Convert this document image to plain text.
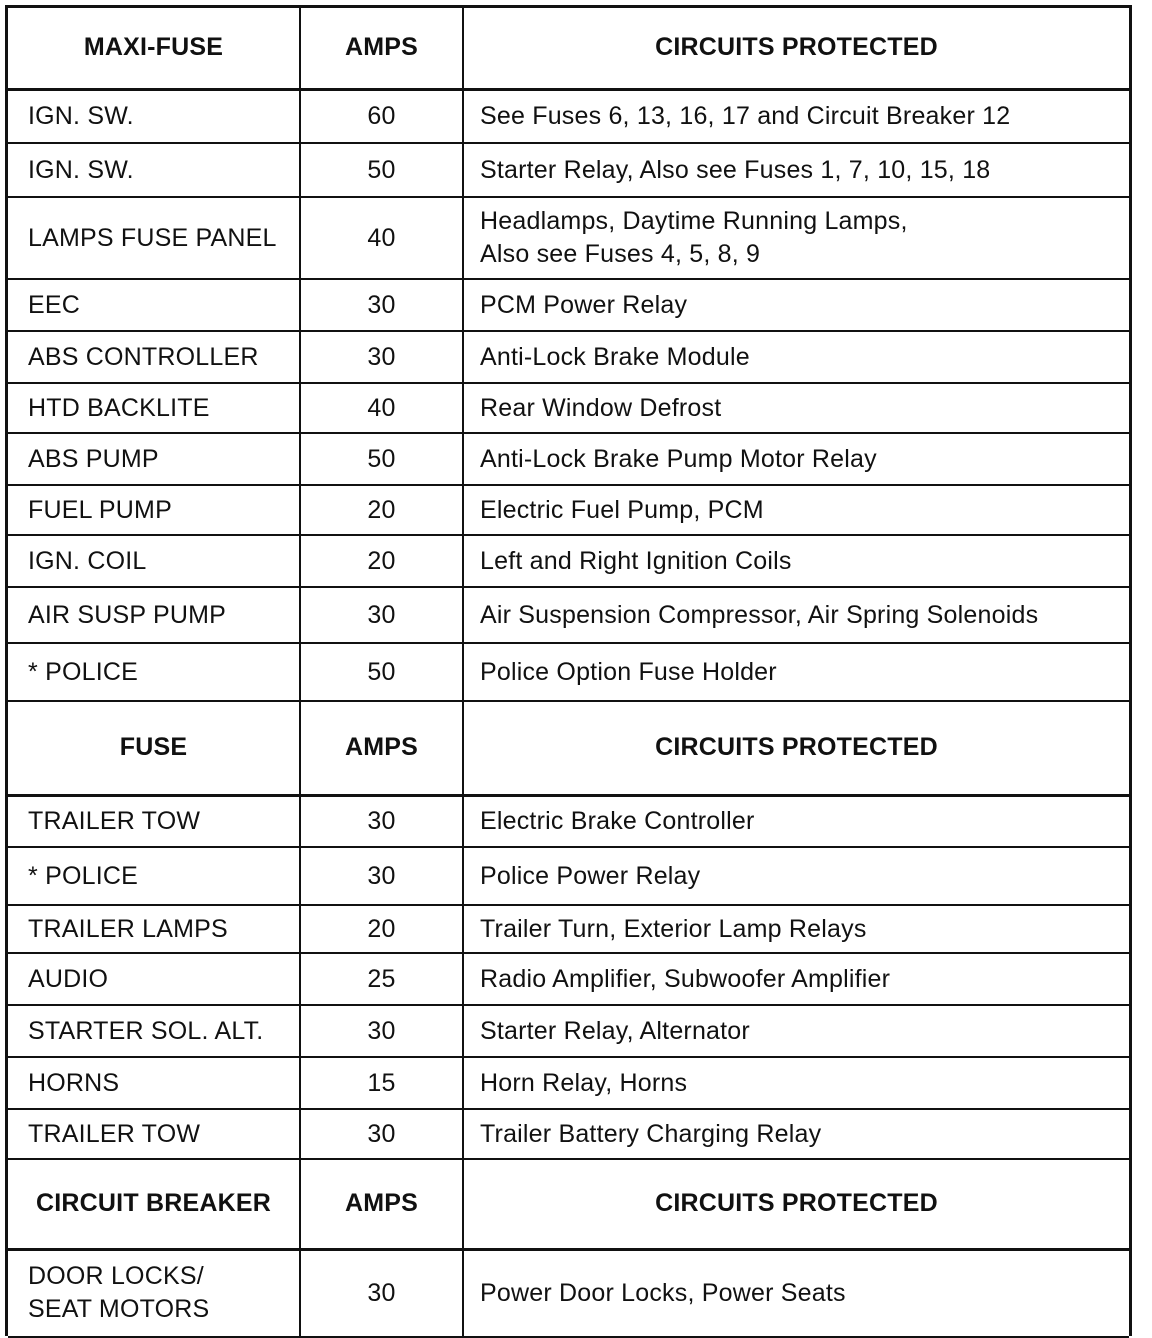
MAXI-FUSE	AMPS	CIRCUITS PROTECTED
IGN. SW.	60	See Fuses 6, 13, 16, 17 and Circuit Breaker 12
IGN. SW.	50	Starter Relay, Also see Fuses 1, 7, 10, 15, 18
LAMPS FUSE PANEL	40	Headlamps, Daytime Running Lamps,
Also see Fuses 4, 5, 8, 9

EEC	30	PCM Power Relay
ABS CONTROLLER	30	Anti-Lock Brake Module
HTD BACKLITE	40	Rear Window Defrost
ABS PUMP	50	Anti-Lock Brake Pump Motor Relay
FUEL PUMP	20	Electric Fuel Pump, PCM
IGN. COIL	20	Left and Right Ignition Coils
AIR SUSP PUMP	30	Air Suspension Compressor, Air Spring Solenoids
* POLICE	50	Police Option Fuse Holder
FUSE	AMPS	CIRCUITS PROTECTED
TRAILER TOW	30	Electric Brake Controller
* POLICE	30	Police Power Relay
TRAILER LAMPS	20	Trailer Turn, Exterior Lamp Relays
AUDIO	25	Radio Amplifier, Subwoofer Amplifier
STARTER SOL. ALT.	30	Starter Relay, Alternator
HORNS	15	Horn Relay, Horns
TRAILER TOW	30	Trailer Battery Charging Relay
CIRCUIT BREAKER	AMPS	CIRCUITS PROTECTED

DOOR LOCKS/
SEAT MOTORS	30	Power Door Locks, Power Seats
